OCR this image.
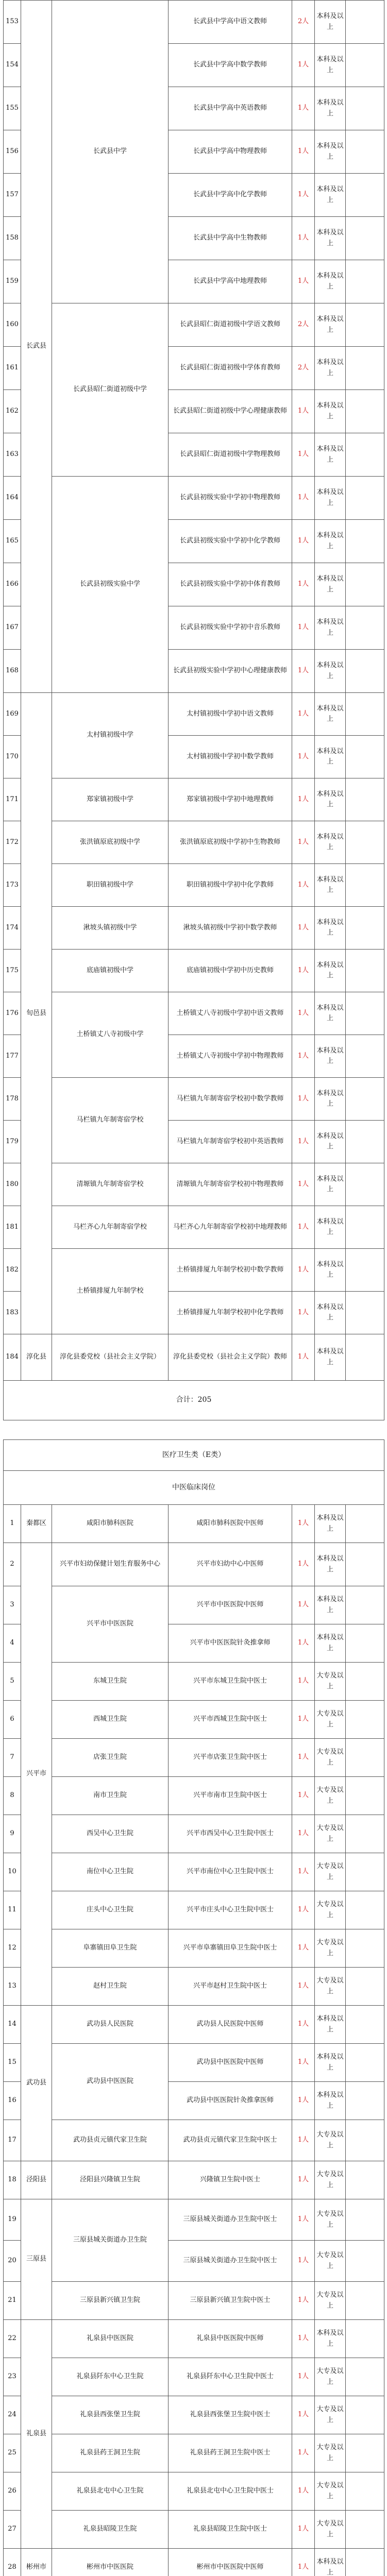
153	长武县	长武县中学	长武县中学高中语文教师	2人	本科及以上	
154			长武县中学高中数学教师	1人	本科及以上	
155			长武县中学高中英语教师	1人	本科及以上	
156			长武县中学高中物理教师	1人	本科及以上	
157			长武县中学高中化学教师	1人	本科及以上	
158			长武县中学高中生物教师	1人	本科及以上	
159			长武县中学高中地理教师	1人	本科及以上	
160		长武县昭仁街道初级中学	长武县昭仁街道初级中学语文教师	2人	本科及以上	
161			长武县昭仁街道初级中学体育教师	2人	本科及以上	
162			长武县昭仁街道初级中学心理健康教师	1人	本科及以上	
163			长武县昭仁街道初级中学物理教师	1人	本科及以上	
164		长武县初级实验中学	长武县初级实验中学初中物理教师	1人	本科及以上	
165			长武县初级实验中学初中化学教师	1人	本科及以上	
166			长武县初级实验中学初中体育教师	1人	本科及以上	
167			长武县初级实验中学初中音乐教师	1人	本科及以上	
168			长武县初级实验中学初中心理健康教师	1人	本科及以上	
169	旬邑县	太村镇初级中学	太村镇初级中学初中语文教师	1人	本科及以上	
170			太村镇初级中学初中数学教师	1人	本科及以上	
171		郑家镇初级中学	郑家镇初级中学初中地理教师	1人	本科及以上	
172		张洪镇原底初级中学	张洪镇原底初级中学初中生物教师	1人	本科及以上	
173		职田镇初级中学	职田镇初级中学初中化学教师	1人	本科及以上	
174		湫坡头镇初级中学	湫坡头镇初级中学初中数学教师	1人	本科及以上	
175		底庙镇初级中学	底庙镇初级中学初中历史教师	1人	本科及以上	
176		土桥镇丈八寺初级中学	土桥镇丈八寺初级中学初中语文教师	1人	本科及以上	
177			土桥镇丈八寺初级中学初中物理教师	1人	本科及以上	
178		马栏镇九年制寄宿学校	马栏镇九年制寄宿学校初中数学教师	1人	本科及以上	
179			马栏镇九年制寄宿学校初中英语教师	1人	本科及以上	
180		清塬镇九年制寄宿学校	清塬镇九年制寄宿学校初中物理教师	1人	本科及以上	
181		马栏齐心九年制寄宿学校	马栏齐心九年制寄宿学校初中地理教师	1人	本科及以上	
182		土桥镇排厦九年制学校	土桥镇排厦九年制学校初中数学教师	1人	本科及以上	
183			土桥镇排厦九年制学校初中化学教师	1人	本科及以上	
184	淳化县	淳化县委党校（县社会主义学院）	淳化县委党校（县社会主义学院）教师	1人	本科及以上	
合计：205						

医疗卫生类（E类）						
中医临床岗位						
1	秦都区	咸阳市肺科医院	咸阳市肺科医院中医师	1人	本科及以上	
2	兴平市	兴平市妇幼保健计划生育服务中心	兴平市妇幼中心中医师	1人	本科及以上	
3		兴平市中医医院	兴平市中医医院中医师	1人	本科及以上	
4			兴平市中医医院针灸推拿师	1人	本科及以上	
5		东城卫生院	兴平市东城卫生院中医士	1人	大专及以上	
6		西城卫生院	兴平市西城卫生院中医士	1人	大专及以上	
7		店张卫生院	兴平市店张卫生院中医士	1人	大专及以上	
8		南市卫生院	兴平市南市卫生院中医士	1人	大专及以上	
9		西吴中心卫生院	兴平市西吴中心卫生院中医士	1人	大专及以上	
10		南位中心卫生院	兴平市南位中心卫生院中医士	1人	大专及以上	
11		庄头中心卫生院	兴平市庄头中心卫生院中医士	1人	大专及以上	
12		阜寨镇田阜卫生院	兴平市阜寨镇田阜卫生院中医士	1人	大专及以上	
13		赵村卫生院	兴平市赵村卫生院中医士	1人	大专及以上	
14	武功县	武功县人民医院	武功县人民医院中医师	1人	本科及以上	
15		武功县中医医院	武功县中医医院中医师	1人	本科及以上	
16			武功县中医医院针灸推拿医师	1人	本科及以上	
17		武功县贞元镇代家卫生院	武功县贞元镇代家卫生院中医士	1人	大专及以上	
18	泾阳县	泾阳县兴隆镇卫生院	兴隆镇卫生院中医士	1人	大专及以上	
19	三原县	三原县城关街道办卫生院	三原县城关街道办卫生院中医士	1人	大专及以上	
20			三原县城关街道办卫生院中医士	1人	大专及以上	
21		三原县新兴镇卫生院	三原县新兴镇卫生院中医士	1人	大专及以上	
22	礼泉县	礼泉县中医医院	礼泉县中医医院中医师	1人	本科及以上	
23		礼泉县阡东中心卫生院	礼泉县阡东中心卫生院中医士	1人	大专及以上	
24		礼泉县西张堡卫生院	礼泉县西张堡卫生院中医士	1人	大专及以上	
25		礼泉县药王洞卫生院	礼泉县药王洞卫生院中医士	1人	大专及以上	
26		礼泉县北屯中心卫生院	礼泉县北屯中心卫生院中医士	1人	大专及以上	
27		礼泉县昭陵卫生院	礼泉县昭陵卫生院中医士	1人	大专及以上	
28	彬州市	彬州市中医医院	彬州市中医医院中医师	1人	本科及以上	
